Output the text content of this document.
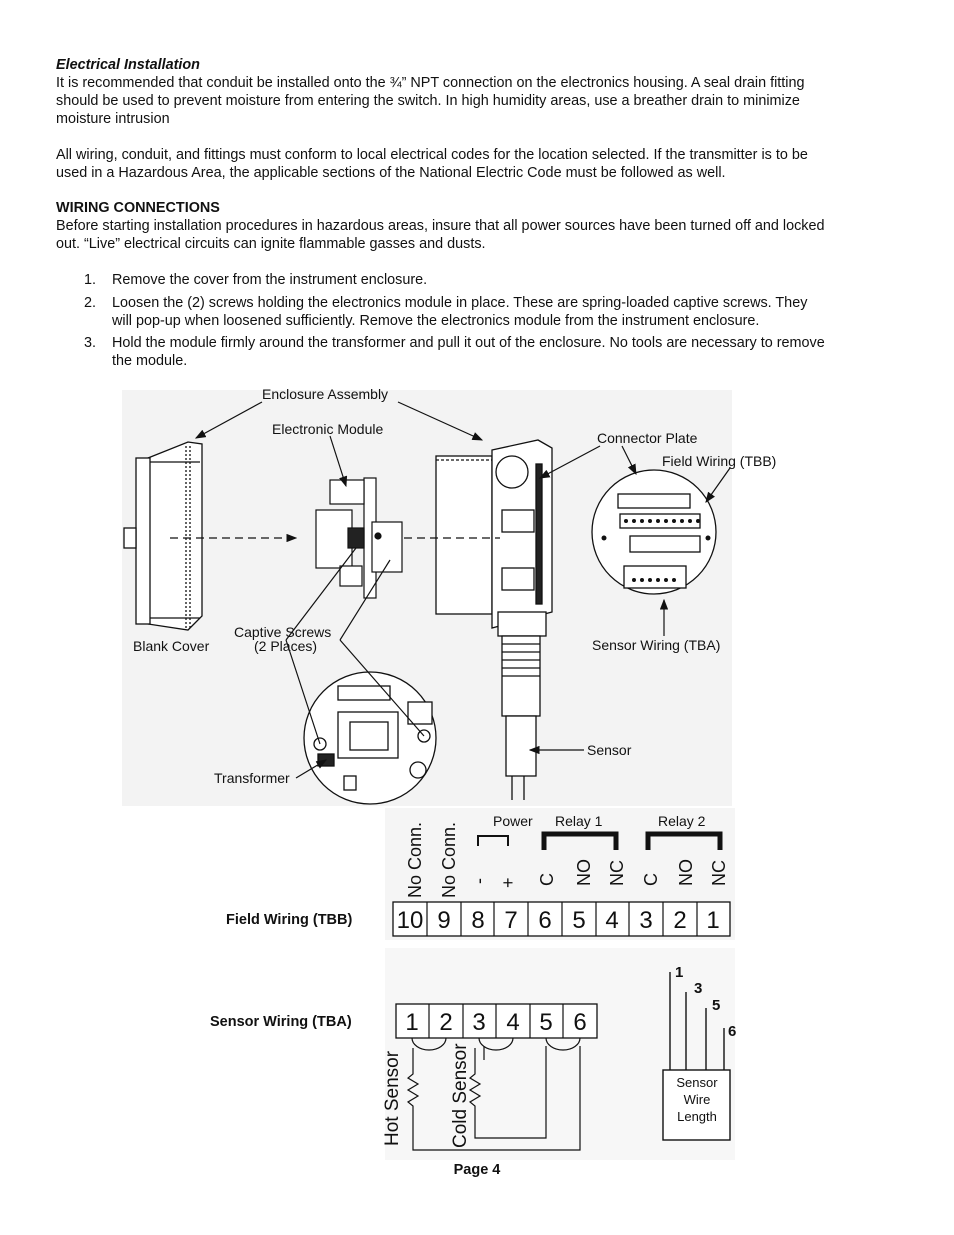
Electrical Installation
It is recommended that conduit be installed onto the ¾” NPT connection on the electronics housing. A seal drain fitting
should be used to prevent moisture from entering the switch. In high humidity areas, use a breather drain to minimize
moisture intrusion
All wiring, conduit, and fittings must conform to local electrical codes for the location selected. If the transmitter is to be
used in a Hazardous Area, the applicable sections of the National Electric Code must be followed as well.
WIRING CONNECTIONS
Before starting installation procedures in hazardous areas, insure that all power sources have been turned off and locked
out. “Live” electrical circuits can ignite flammable gasses and dusts.
1.	Remove the cover from the instrument enclosure.
2.	Loosen the (2) screws holding the electronics module in place. These are spring-loaded captive screws. They
will pop-up when loosened sufficiently. Remove the electronics module from the instrument enclosure.
3.	Hold the module firmly around the transformer and pull it out of the enclosure. No tools are necessary to remove
the module.
Enclosure Assembly
Electronic Module
Connector Plate
Field Wiring (TBB)
Blank Cover
Captive Screws
(2 Places)	Sensor Wiring (TBA)
Sensor
Transformer
Power Relay 1	Relay 2
No Conn. No Conn. - + C NO NC C NO NC
Field Wiring (TBB) 10 9 8 7 6 5 4 3 2 1
Sensor Wiring (TBA) 1 2 3 4 5 6
Hot Sensor Cold Sensor
1
3
5
6
Sensor
Wire
Length
Page 4
